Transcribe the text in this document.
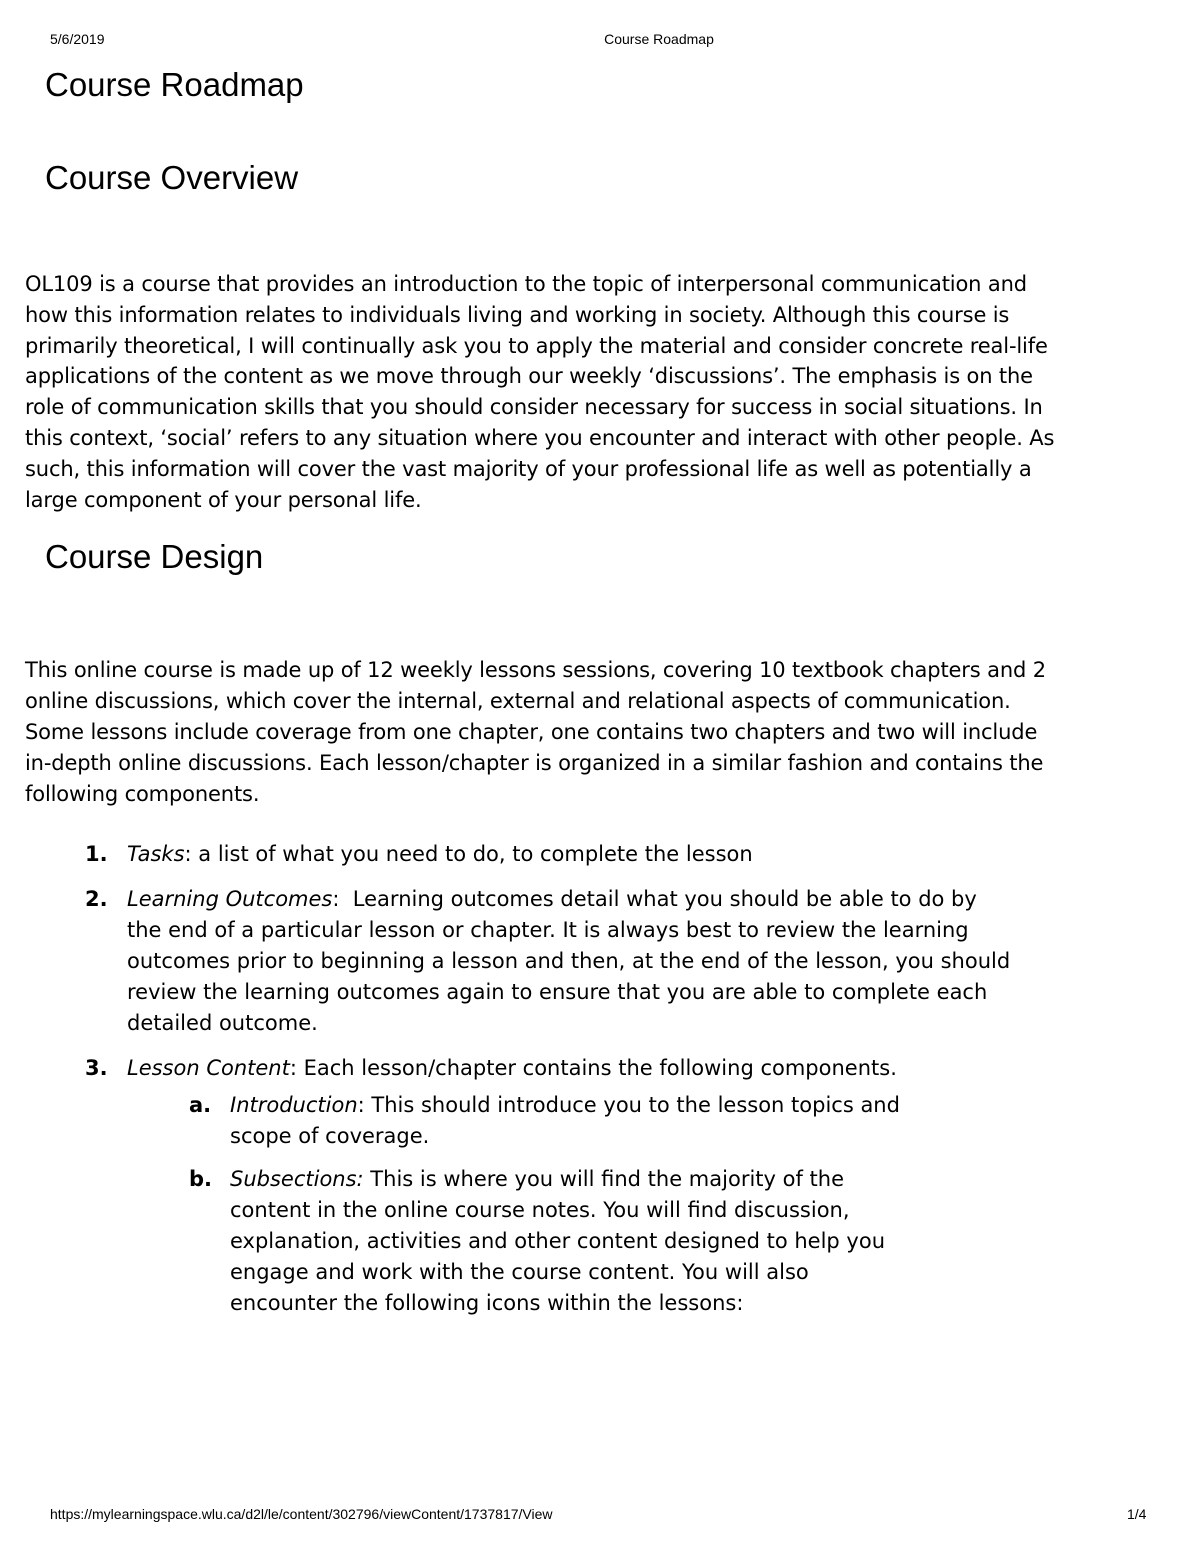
5/6/2019	Course Roadmap
Course Roadmap
Course Overview

OL109 is a course that provides an introduction to the topic of interpersonal communication and how this information relates to individuals living and working in society. Although this course is primarily theoretical, I will continually ask you to apply the material and consider concrete real-life applications of the content as we move through our weekly ‘discussions’. The emphasis is on the role of communication skills that you should consider necessary for success in social situations. In this context, ‘social’ refers to any situation where you encounter and interact with other people. As such, this information will cover the vast majority of your professional life as well as potentially a large component of your personal life.

Course Design

This online course is made up of 12 weekly lessons sessions, covering 10 textbook chapters and 2 online discussions, which cover the internal, external and relational aspects of communication. Some lessons include coverage from one chapter, one contains two chapters and two will include in-depth online discussions. Each lesson/chapter is organized in a similar fashion and contains the following components.

1. Tasks: a list of what you need to do, to complete the lesson
2. Learning Outcomes:  Learning outcomes detail what you should be able to do by the end of a particular lesson or chapter. It is always best to review the learning outcomes prior to beginning a lesson and then, at the end of the lesson, you should review the learning outcomes again to ensure that you are able to complete each detailed outcome.
3. Lesson Content: Each lesson/chapter contains the following components.
a. Introduction: This should introduce you to the lesson topics and scope of coverage.
b. Subsections: This is where you will find the majority of the content in the online course notes. You will find discussion, explanation, activities and other content designed to help you engage and work with the course content. You will also encounter the following icons within the lessons:
https://mylearningspace.wlu.ca/d2l/le/content/302796/viewContent/1737817/View	1/4
